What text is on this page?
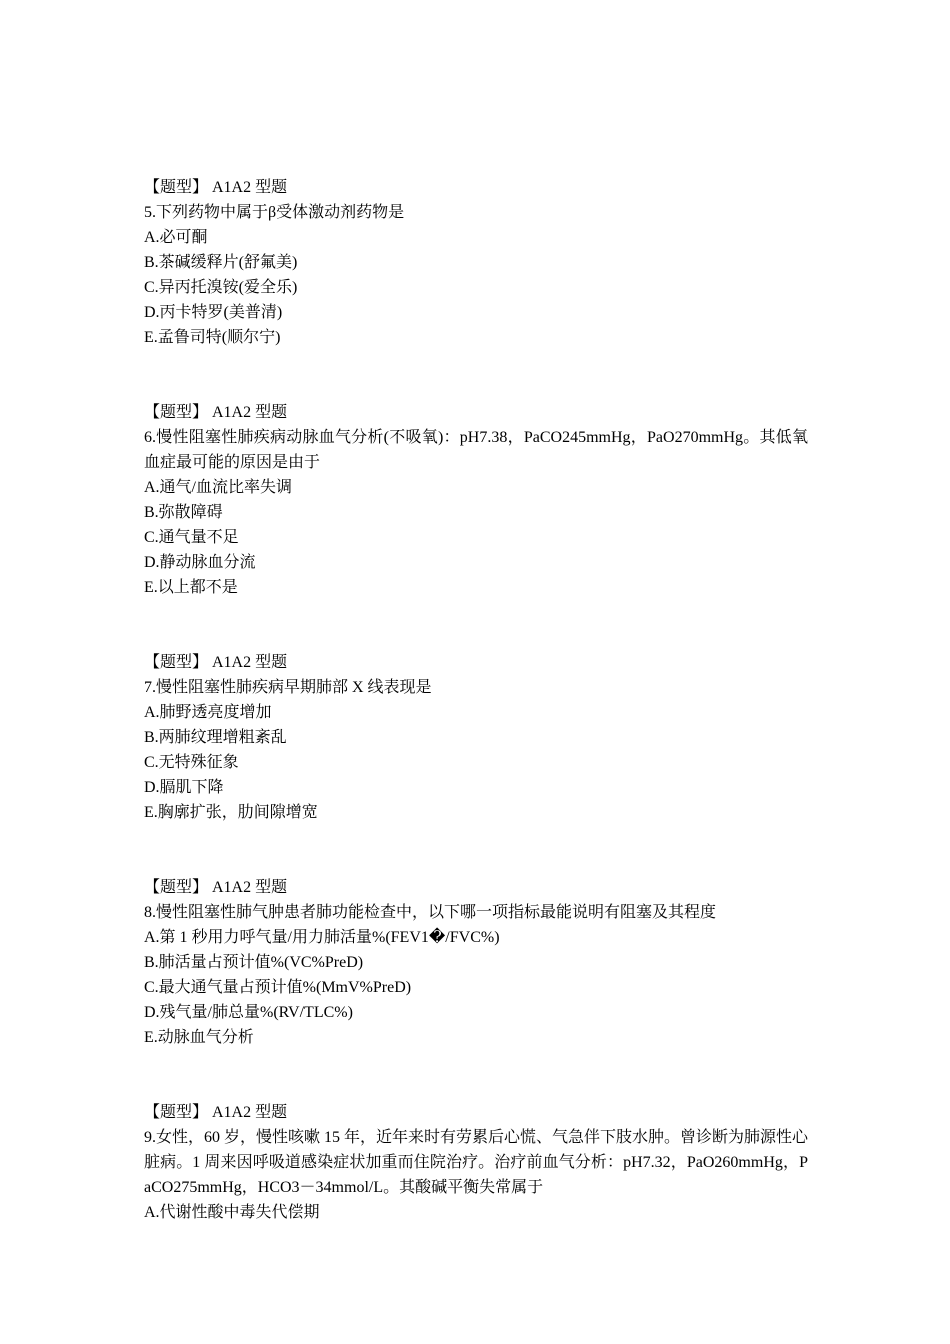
【题型】 A1A2 型题

5.下列药物中属于β受体激动剂药物是

A.必可酮

B.茶碱缓释片(舒氟美)

C.异丙托溴铵(爱全乐)

D.丙卡特罗(美普清)

E.孟鲁司特(顺尔宁)

【题型】 A1A2 型题

6.慢性阻塞性肺疾病动脉血气分析(不吸氧)：pH7.38，PaCO245mmHg，PaO270mmHg。其低氧血症最可能的原因是由于

A.通气/血流比率失调

B.弥散障碍

C.通气量不足

D.静动脉血分流

E.以上都不是

【题型】 A1A2 型题

7.慢性阻塞性肺疾病早期肺部 X 线表现是

A.肺野透亮度增加

B.两肺纹理增粗紊乱

C.无特殊征象

D.膈肌下降

E.胸廓扩张，肋间隙增宽

【题型】 A1A2 型题

8.慢性阻塞性肺气肿患者肺功能检查中，以下哪一项指标最能说明有阻塞及其程度

A.第 1 秒用力呼气量/用力肺活量%(FEV1�/FVC%)

B.肺活量占预计值%(VC%PreD)

C.最大通气量占预计值%(MmV%PreD)

D.残气量/肺总量%(RV/TLC%)

E.动脉血气分析

【题型】 A1A2 型题

9.女性，60 岁，慢性咳嗽 15 年，近年来时有劳累后心慌、气急伴下肢水肿。曾诊断为肺源性心脏病。1 周来因呼吸道感染症状加重而住院治疗。治疗前血气分析：pH7.32，PaO260mmHg，PaCO275mmHg，HCO3－34mmol/L。其酸碱平衡失常属于

A.代谢性酸中毒失代偿期
